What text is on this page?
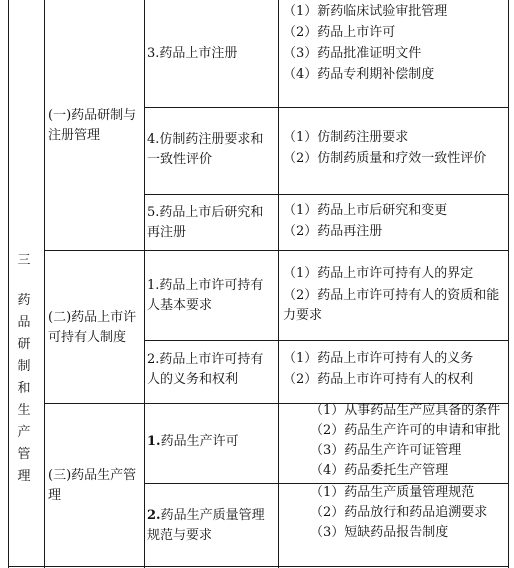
三
药
品
研
制
和
生
产
管
理
(一)药品研制与注册管理
(二)药品上市许可持有人制度
(三)药品生产管理
3.药品上市注册
（1）新药临床试验审批管理
（2）药品上市许可
（3）药品批准证明文件
（4）药品专利期补偿制度
4.仿制药注册要求和一致性评价
（1）仿制药注册要求
（2）仿制药质量和疗效一致性评价
5.药品上市后研究和再注册
（1）药品上市后研究和变更
（2）药品再注册
1.药品上市许可持有人基本要求
（1）药品上市许可持有人的界定
（2）药品上市许可持有人的资质和能力要求
2.药品上市许可持有人的义务和权利
（1）药品上市许可持有人的义务
（2）药品上市许可持有人的权利
1.药品生产许可
（1）从事药品生产应具备的条件
（2）药品生产许可的申请和审批
（3）药品生产许可证管理
（4）药品委托生产管理
2.药品生产质量管理规范与要求
（1）药品生产质量管理规范
（2）药品放行和药品追溯要求
（3）短缺药品报告制度
